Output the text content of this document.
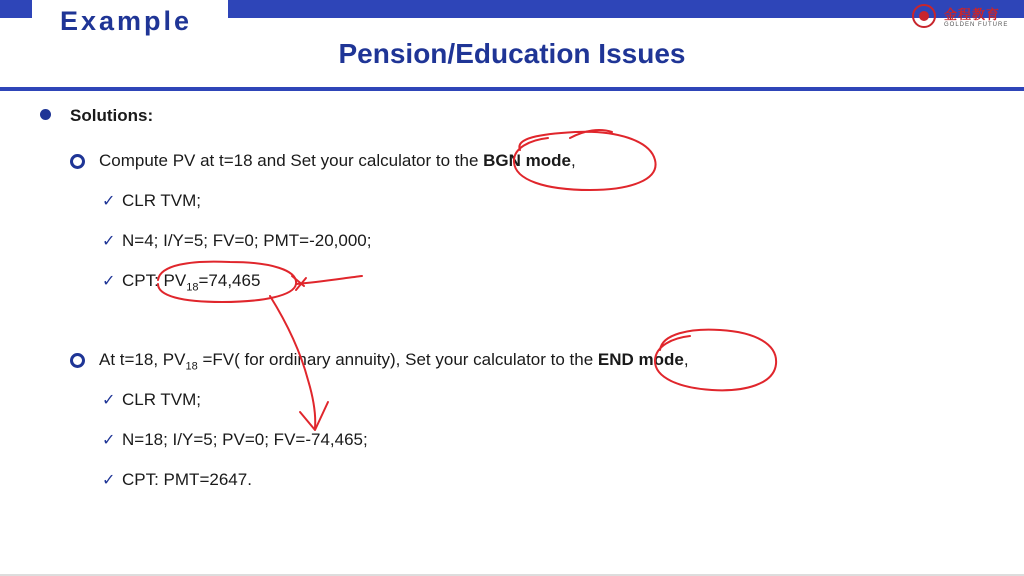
Example	金程教育
GOLDEN FUTURE
Pension/Education Issues
Solutions:
Compute PV at t=18 and Set your calculator to the BGN mode,
✓ CLR TVM;
✓ N=4; I/Y=5; FV=0; PMT=-20,000;
✓ CPT: $PV_{18}=74,465$
At t=18, $PV_{18} =FV$( for ordinary annuity), Set your calculator to the END mode,
✓ CLR TVM;
✓ N=18; I/Y=5; PV=0; FV=-74,465;
✓ CPT: PMT=2647.
